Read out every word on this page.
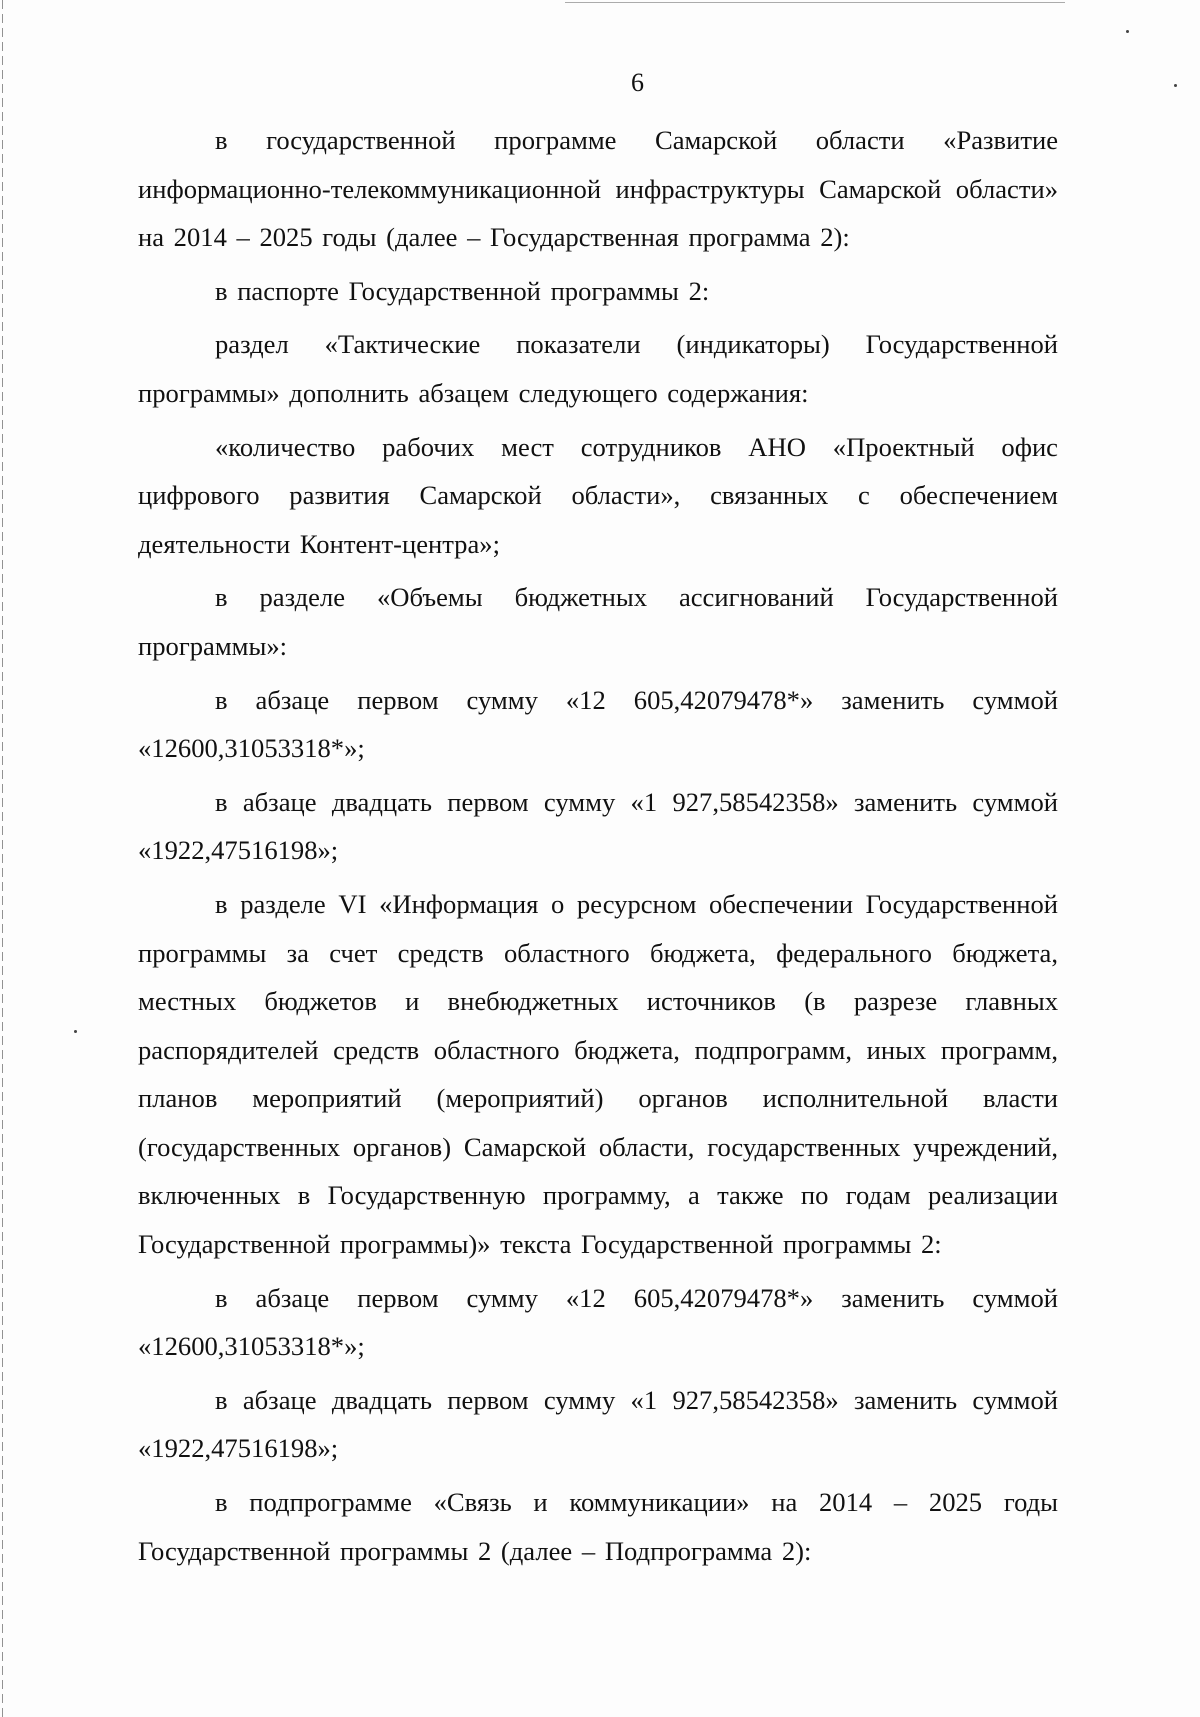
6

в государственной программе Самарской области «Развитие информационно-телекоммуникационной инфраструктуры Самарской области» на 2014 – 2025 годы (далее – Государственная программа 2):

в паспорте Государственной программы 2:

раздел «Тактические показатели (индикаторы) Государственной программы» дополнить абзацем следующего содержания:

«количество рабочих мест сотрудников АНО «Проектный офис цифрового развития Самарской области», связанных с обеспечением деятельности Контент-центра»;

в разделе «Объемы бюджетных ассигнований Государственной программы»:

в абзаце первом сумму «12 605,42079478*» заменить суммой «12600,31053318*»;

в абзаце двадцать первом сумму «1 927,58542358» заменить суммой «1922,47516198»;

в разделе VI «Информация о ресурсном обеспечении Государственной программы за счет средств областного бюджета, федерального бюджета, местных бюджетов и внебюджетных источников (в разрезе главных распорядителей средств областного бюджета, подпрограмм, иных программ, планов мероприятий (мероприятий) органов исполнительной власти (государственных органов) Самарской области, государственных учреждений, включенных в Государственную программу, а также по годам реализации Государственной программы)» текста Государственной программы 2:

в абзаце первом сумму «12 605,42079478*» заменить суммой «12600,31053318*»;

в абзаце двадцать первом сумму «1 927,58542358» заменить суммой «1922,47516198»;

в подпрограмме «Связь и коммуникации» на 2014 – 2025 годы Государственной программы 2 (далее – Подпрограмма 2):
